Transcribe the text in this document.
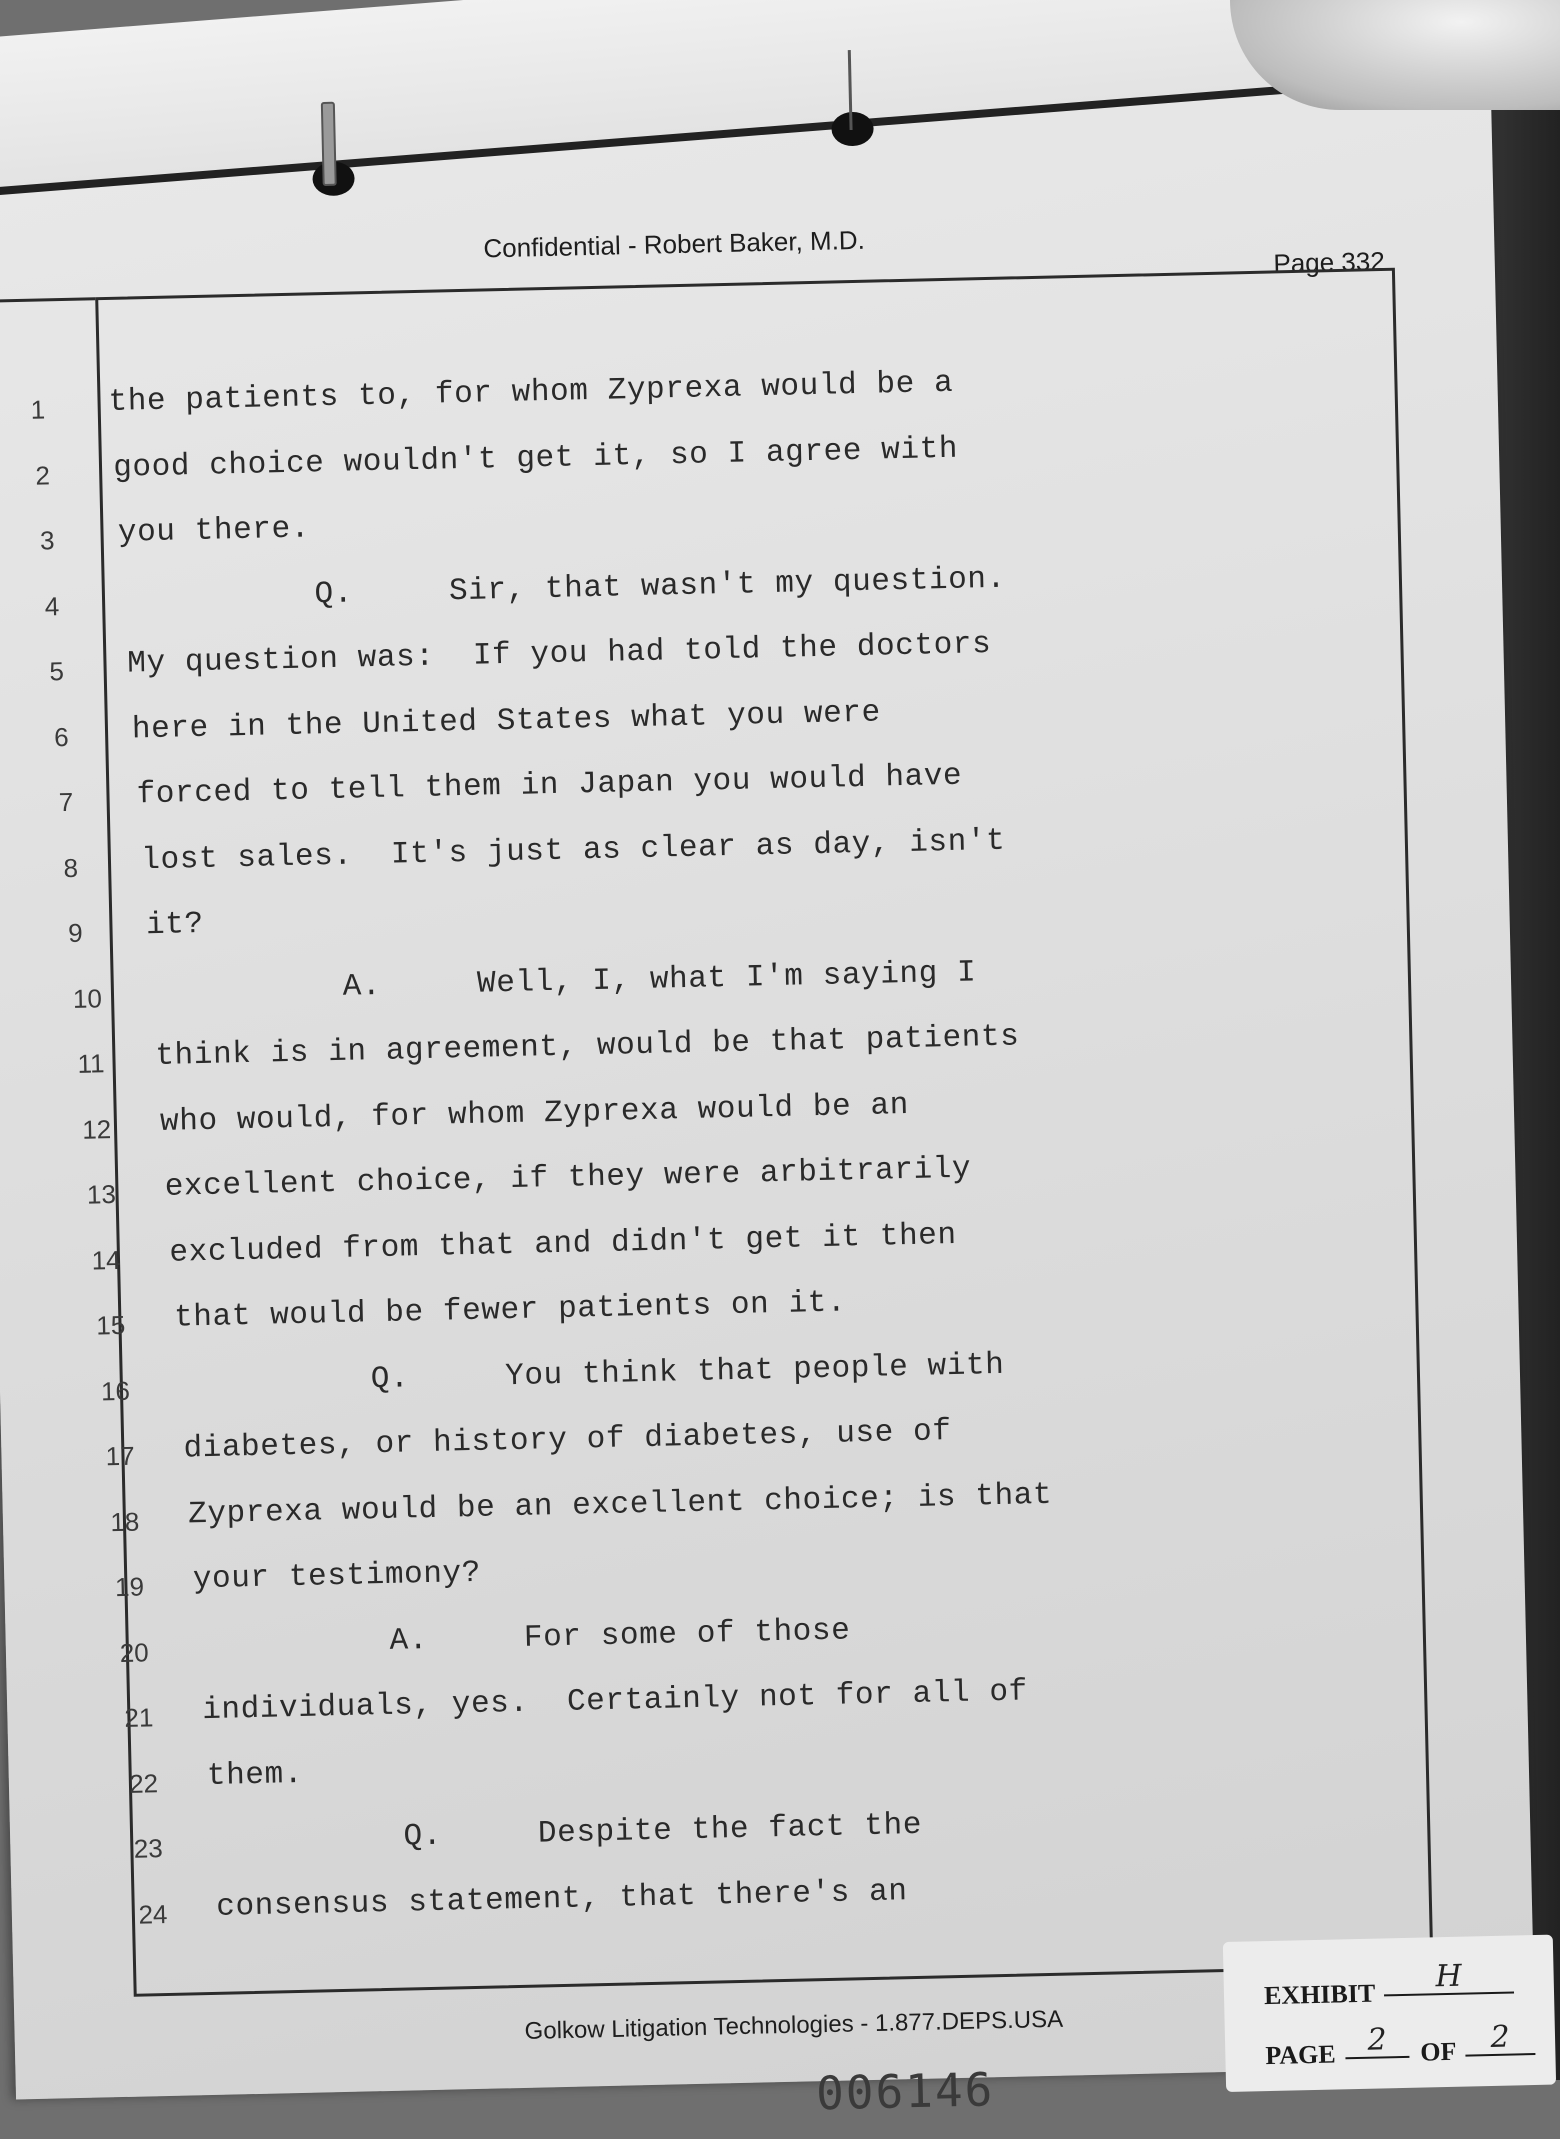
Confidential - Robert Baker, M.D.	Page 332
1	the patients to, for whom Zyprexa would be a
2	good choice wouldn't get it, so I agree with
3	you there.
4	Q.     Sir, that wasn't my question.
5	My question was:  If you had told the doctors
6	here in the United States what you were
7	forced to tell them in Japan you would have
8	lost sales.  It's just as clear as day, isn't
9	it?
10	A.     Well, I, what I'm saying I
11	think is in agreement, would be that patients
12	who would, for whom Zyprexa would be an
13	excellent choice, if they were arbitrarily
14	excluded from that and didn't get it then
15	that would be fewer patients on it.
16	Q.     You think that people with
17	diabetes, or history of diabetes, use of
18	Zyprexa would be an excellent choice; is that
19	your testimony?
20	A.     For some of those
21	individuals, yes.  Certainly not for all of
22	them.
23	Q.     Despite the fact the
24	consensus statement, that there's an
Golkow Litigation Technologies - 1.877.DEPS.USA
006146
EXHIBIT
H
PAGE	2	OF	2
